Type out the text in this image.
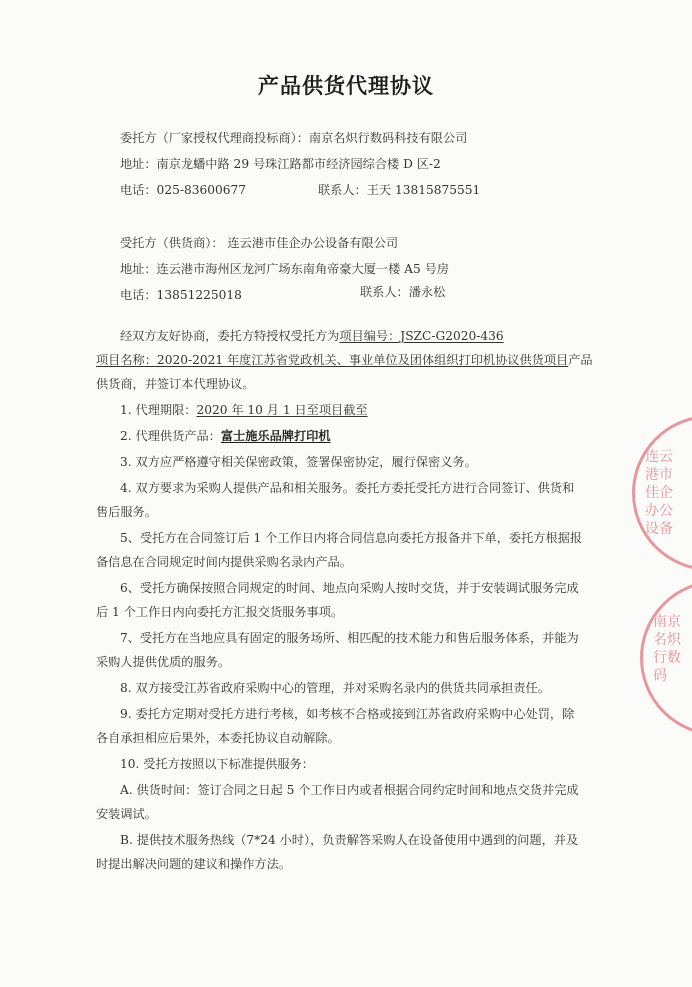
产品供货代理协议
委托方（厂家授权代理商投标商）：南京名炽行数码科技有限公司
地址：南京龙蟠中路 29 号珠江路都市经济园综合楼 D 区-2
电话：025-83600677	联系人：王天 13815875551
受托方（供货商）： 连云港市佳企办公设备有限公司
地址：连云港市海州区龙河广场东南角帝豪大厦一楼 A5 号房
电话：13851225018	联系人：潘永松
经双方友好协商，委托方特授权受托方为项目编号：JSZC-G2020-436
项目名称：2020-2021 年度江苏省党政机关、事业单位及团体组织打印机协议供货项目产品
供货商，并签订本代理协议。
1. 代理期限：2020 年 10 月 1 日至项目截至
2. 代理供货产品：富士施乐品牌打印机
3. 双方应严格遵守相关保密政策，签署保密协定，履行保密义务。
4. 双方要求为采购人提供产品和相关服务。委托方委托受托方进行合同签订、供货和
售后服务。
5、受托方在合同签订后 1 个工作日内将合同信息向委托方报备并下单，委托方根据报
备信息在合同规定时间内提供采购名录内产品。
6、受托方确保按照合同规定的时间、地点向采购人按时交货，并于安装调试服务完成
后 1 个工作日内向委托方汇报交货服务事项。
7、受托方在当地应具有固定的服务场所、相匹配的技术能力和售后服务体系，并能为
采购人提供优质的服务。
8. 双方接受江苏省政府采购中心的管理，并对采购名录内的供货共同承担责任。
9. 委托方定期对受托方进行考核，如考核不合格或接到江苏省政府采购中心处罚，除
各自承担相应后果外，本委托协议自动解除。
10. 受托方按照以下标准提供服务：
A. 供货时间：签订合同之日起 5 个工作日内或者根据合同约定时间和地点交货并完成
安装调试。
B. 提供技术服务热线（7*24 小时），负责解答采购人在设备使用中遇到的问题，并及
时提出解决问题的建议和操作方法。
连云港市佳企办公设备
南京名炽行数码
